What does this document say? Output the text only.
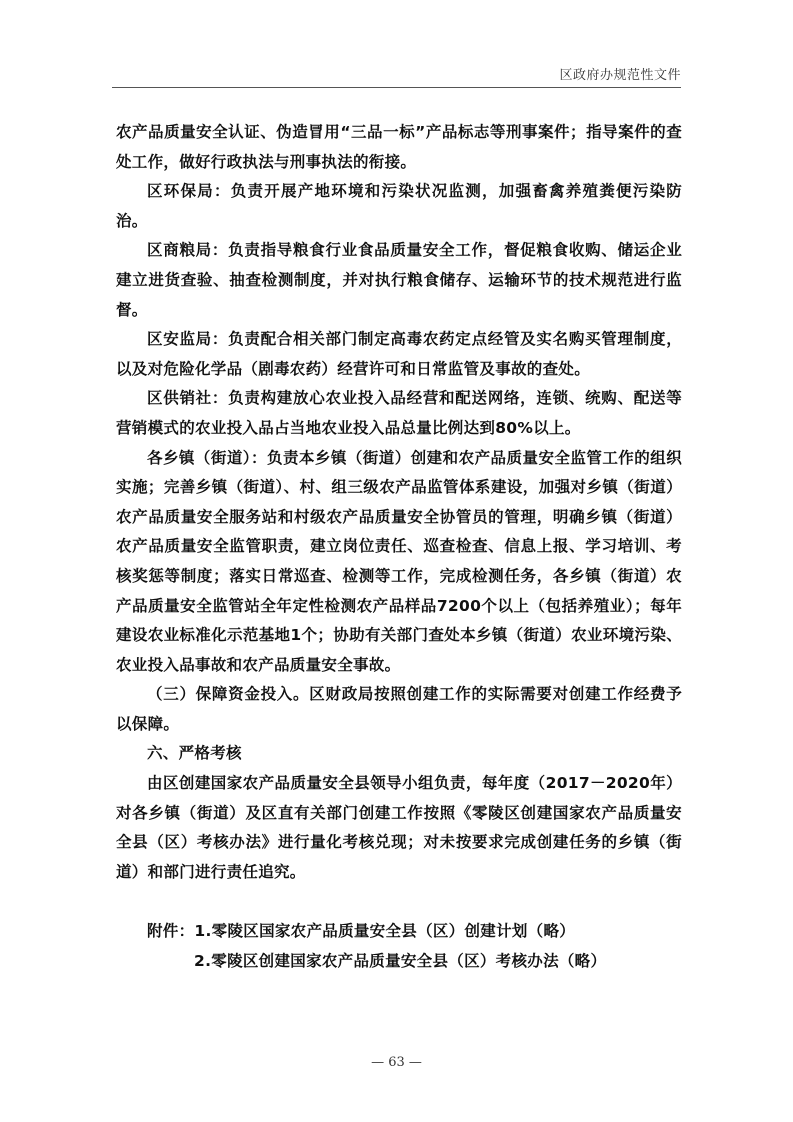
区政府办规范性文件

农产品质量安全认证、伪造冒用“三品一标”产品标志等刑事案件；指导案件的查处工作，做好行政执法与刑事执法的衔接。

区环保局：负责开展产地环境和污染状况监测，加强畜禽养殖粪便污染防治。

区商粮局：负责指导粮食行业食品质量安全工作，督促粮食收购、储运企业建立进货查验、抽查检测制度，并对执行粮食储存、运输环节的技术规范进行监督。

区安监局：负责配合相关部门制定高毒农药定点经管及实名购买管理制度，以及对危险化学品（剧毒农药）经营许可和日常监管及事故的查处。

区供销社：负责构建放心农业投入品经营和配送网络，连锁、统购、配送等营销模式的农业投入品占当地农业投入品总量比例达到80%以上。

各乡镇（街道）：负责本乡镇（街道）创建和农产品质量安全监管工作的组织实施；完善乡镇（街道）、村、组三级农产品监管体系建设，加强对乡镇（街道）农产品质量安全服务站和村级农产品质量安全协管员的管理，明确乡镇（街道）农产品质量安全监管职责，建立岗位责任、巡查检查、信息上报、学习培训、考核奖惩等制度；落实日常巡查、检测等工作，完成检测任务，各乡镇（街道）农产品质量安全监管站全年定性检测农产品样品7200个以上（包括养殖业）；每年建设农业标准化示范基地1个；协助有关部门查处本乡镇（街道）农业环境污染、农业投入品事故和农产品质量安全事故。

（三）保障资金投入。区财政局按照创建工作的实际需要对创建工作经费予以保障。

六、严格考核

由区创建国家农产品质量安全县领导小组负责，每年度（2017－2020年）对各乡镇（街道）及区直有关部门创建工作按照《零陵区创建国家农产品质量安全县（区）考核办法》进行量化考核兑现；对未按要求完成创建任务的乡镇（街道）和部门进行责任追究。

附件：1.零陵区国家农产品质量安全县（区）创建计划（略）

2.零陵区创建国家农产品质量安全县（区）考核办法（略）

— 63 —
